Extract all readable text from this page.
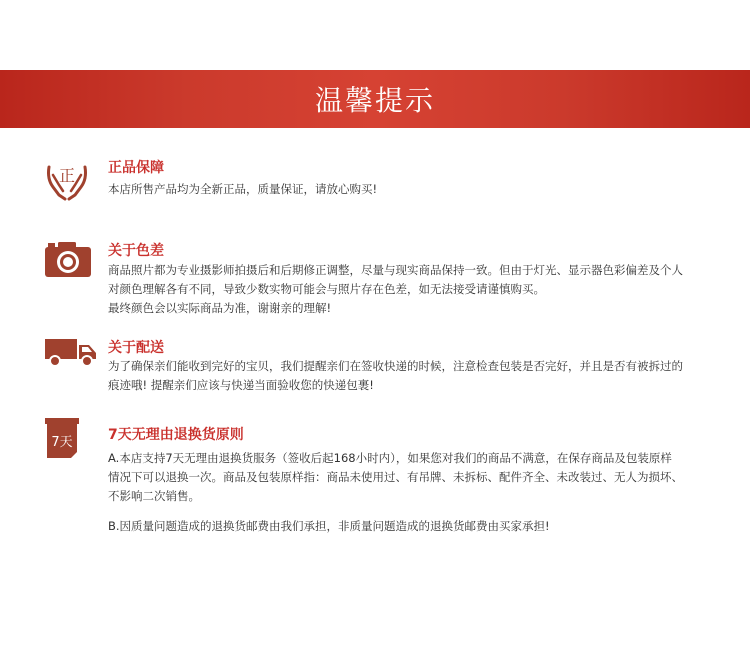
温馨提示
正 正品保障

本店所售产品均为全新正品，质量保证，请放心购买!

关于色差

商品照片都为专业摄影师拍摄后和后期修正调整，尽量与现实商品保持一致。但由于灯光、显示器色彩偏差及个人
对颜色理解各有不同，导致少数实物可能会与照片存在色差，如无法接受请谨慎购买。
最终颜色会以实际商品为准，谢谢亲的理解!

关于配送

为了确保亲们能收到完好的宝贝，我们提醒亲们在签收快递的时候，注意检查包装是否完好，并且是否有被拆过的
痕迹哦! 提醒亲们应该与快递当面验收您的快递包裹!

7天	7天无理由退换货原则

A.本店支持7天无理由退换货服务（签收后起168小时内），如果您对我们的商品不满意，在保存商品及包装原样
情况下可以退换一次。商品及包装原样指：商品未使用过、有吊牌、未拆标、配件齐全、未改装过、无人为损坏、
不影响二次销售。

B.因质量问题造成的退换货邮费由我们承担，非质量问题造成的退换货邮费由买家承担!
